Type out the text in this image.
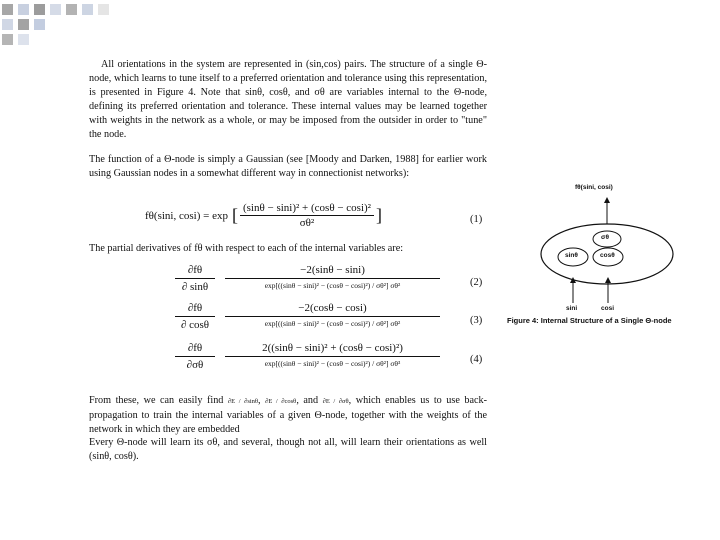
All orientations in the system are represented in (sin,cos) pairs. The structure of a single Θ-node, which learns to tune itself to a preferred orientation and tolerance using this representation, is presented in Figure 4. Note that sinθ, cosθ, and σθ are variables internal to the Θ-node, defining its preferred orientation and tolerance. These internal values may be learned together with weights in the network as a whole, or may be imposed from the outsider in order to "tune" the node.
The function of a Θ-node is simply a Gaussian (see [Moody and Darken, 1988] for earlier work using Gaussian nodes in a somewhat different way in connectionist networks):
fθ(sini, cosi) = exp [ $\frac{\text{(sinθ − sini)² + (cosθ − cosi)²}}{\text{σθ²}}$ ]	(1)
The partial derivatives of fθ with respect to each of the internal variables are:
$\frac{\partial f\theta}{\partial \sin\theta}$	−2(sinθ − sini)
exp[((sinθ − sini)² − (cosθ − cosi)²) / σθ²] σθ²	(2)
$\frac{\partial f\theta}{\partial \cos\theta}$	−2(cosθ − cosi)
exp[((sinθ − sini)² − (cosθ − cosi)²) / σθ²] σθ²	(3)
$\frac{\partial f\theta}{\partial\sigma\theta}$	2((sinθ − sini)² + (cosθ − cosi)²)
exp[((sinθ − sini)² − (cosθ − cosi)²) / σθ²] σθ³	(4)
From these, we can easily find ∂E / ∂sinθ, ∂E / ∂cosθ, and ∂E / ∂σθ, which enables us to use back-propagation to train the internal variables of a given Θ-node, together with the weights of the network in which they are embedded
Every Θ-node will learn its σθ, and several, though not all, will learn their orientations as well (sinθ, cosθ).
fθ(sini, cosi)
σθ
sinθ	cosθ
sini	cosi
Figure 4: Internal Structure of a Single Θ-node
